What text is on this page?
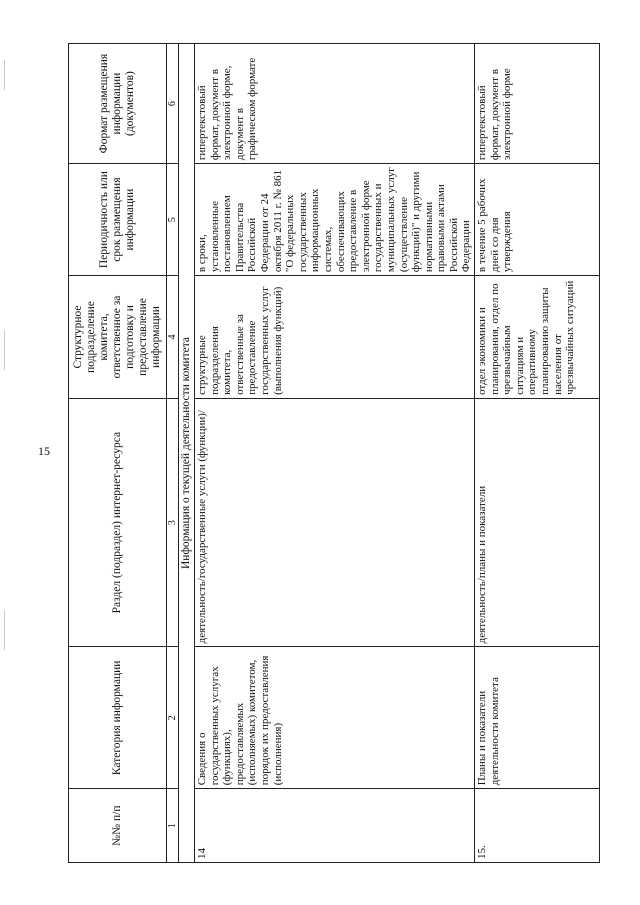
15
№№ п/п	Категория информации	Раздел (подраздел) интернет-ресурса	Структурное подразделение комитета, ответственное за подготовку и предоставление информации	Периодичность или срок размещения информации	Формат размещения информации (документов)
1	2	3	4	5	6
Информация о текущей деятельности комитета					
14	Сведения о государственных услугах (функциях), предоставляемых (исполняемых) комитетом, порядок их предоставления (исполнения)	деятельность/государственные услуги (функции)/	структурные подразделения комитета, ответственные за предоставление государственных услуг (выполнения функций)	в сроки, установленные постановлением Правительства Российской Федерации от 24 октября 2011 г. № 861 "О федеральных государственных информационных системах, обеспечивающих предоставление в электронной форме государственных и муниципальных услуг (осуществление функций)" и другими нормативными правовыми актами Российской Федерации	гипертекстовый формат, документ в электронной форме, документ в графическом формате
15.	Планы и показатели деятельности комитета	деятельность/планы и показатели	отдел экономики и планирования, отдел по чрезвычайным ситуациям и оперативному планированию защиты населения от чрезвычайных ситуаций	в течение 5 рабочих дней со дня утверждения	гипертекстовый формат, документ в электронной форме
